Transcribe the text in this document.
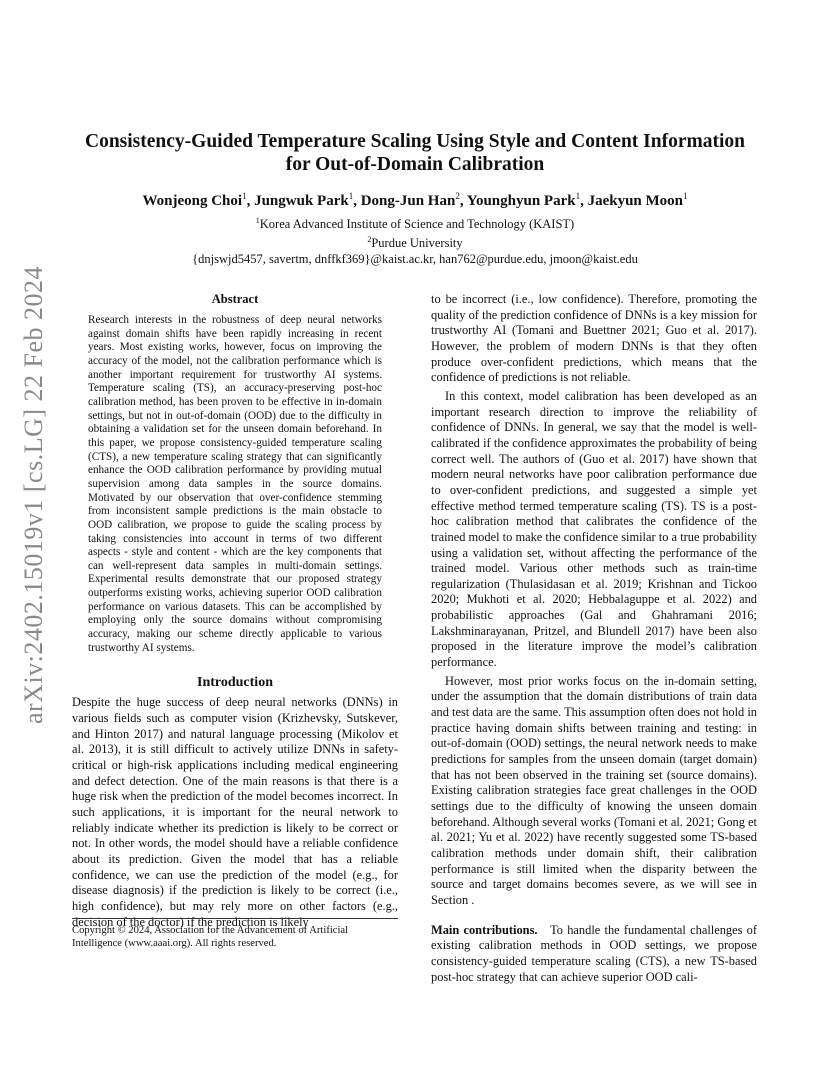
arXiv:2402.15019v1 [cs.LG] 22 Feb 2024
Consistency-Guided Temperature Scaling Using Style and Content Information
for Out-of-Domain Calibration
Wonjeong Choi$^1$, Jungwuk Park$^1$, Dong-Jun Han$^2$, Younghyun Park$^1$, Jaekyun Moon$^1$
$^1$Korea Advanced Institute of Science and Technology (KAIST)
$^2$Purdue University
{dnjswjd5457, savertm, dnffkf369}@kaist.ac.kr, han762@purdue.edu, jmoon@kaist.edu
Abstract

Research interests in the robustness of deep neural networks against domain shifts have been rapidly increasing in recent years. Most existing works, however, focus on improving the accuracy of the model, not the calibration performance which is another important requirement for trustworthy AI systems. Temperature scaling (TS), an accuracy-preserving post-hoc calibration method, has been proven to be effective in in-domain settings, but not in out-of-domain (OOD) due to the difficulty in obtaining a validation set for the unseen domain beforehand. In this paper, we propose consistency-guided temperature scaling (CTS), a new temperature scaling strategy that can significantly enhance the OOD calibration performance by providing mutual supervision among data samples in the source domains. Motivated by our observation that over-confidence stemming from inconsistent sample predictions is the main obstacle to OOD calibration, we propose to guide the scaling process by taking consistencies into account in terms of two different aspects - style and content - which are the key components that can well-represent data samples in multi-domain settings. Experimental results demonstrate that our proposed strategy outperforms existing works, achieving superior OOD calibration performance on various datasets. This can be accomplished by employing only the source domains without compromising accuracy, making our scheme directly applicable to various trustworthy AI systems.

Introduction

Despite the huge success of deep neural networks (DNNs) in various fields such as computer vision (Krizhevsky, Sutskever, and Hinton 2017) and natural language processing (Mikolov et al. 2013), it is still difficult to actively utilize DNNs in safety-critical or high-risk applications including medical engineering and defect detection. One of the main reasons is that there is a huge risk when the prediction of the model becomes incorrect. In such applications, it is important for the neural network to reliably indicate whether its prediction is likely to be correct or not. In other words, the model should have a reliable confidence about its prediction. Given the model that has a reliable confidence, we can use the prediction of the model (e.g., for disease diagnosis) if the prediction is likely to be correct (i.e., high confidence), but may rely more on other factors (e.g., decision of the doctor) if the prediction is likely

Copyright © 2024, Association for the Advancement of Artificial Intelligence (www.aaai.org). All rights reserved.

to be incorrect (i.e., low confidence). Therefore, promoting the quality of the prediction confidence of DNNs is a key mission for trustworthy AI (Tomani and Buettner 2021; Guo et al. 2017). However, the problem of modern DNNs is that they often produce over-confident predictions, which means that the confidence of predictions is not reliable.

In this context, model calibration has been developed as an important research direction to improve the reliability of confidence of DNNs. In general, we say that the model is well-calibrated if the confidence approximates the probability of being correct well. The authors of (Guo et al. 2017) have shown that modern neural networks have poor calibration performance due to over-confident predictions, and suggested a simple yet effective method termed temperature scaling (TS). TS is a post-hoc calibration method that calibrates the confidence of the trained model to make the confidence similar to a true probability using a validation set, without affecting the performance of the trained model. Various other methods such as train-time regularization (Thulasidasan et al. 2019; Krishnan and Tickoo 2020; Mukhoti et al. 2020; Hebbalaguppe et al. 2022) and probabilistic approaches (Gal and Ghahramani 2016; Lakshminarayanan, Pritzel, and Blundell 2017) have been also proposed in the literature improve the model’s calibration performance.

However, most prior works focus on the in-domain setting, under the assumption that the domain distributions of train data and test data are the same. This assumption often does not hold in practice having domain shifts between training and testing: in out-of-domain (OOD) settings, the neural network needs to make predictions for samples from the unseen domain (target domain) that has not been observed in the training set (source domains). Existing calibration strategies face great challenges in the OOD settings due to the difficulty of knowing the unseen domain beforehand. Although several works (Tomani et al. 2021; Gong et al. 2021; Yu et al. 2022) have recently suggested some TS-based calibration methods under domain shift, their calibration performance is still limited when the disparity between the source and target domains becomes severe, as we will see in Section .

Main contributions. To handle the fundamental challenges of existing calibration methods in OOD settings, we propose consistency-guided temperature scaling (CTS), a new TS-based post-hoc strategy that can achieve superior OOD cali-
